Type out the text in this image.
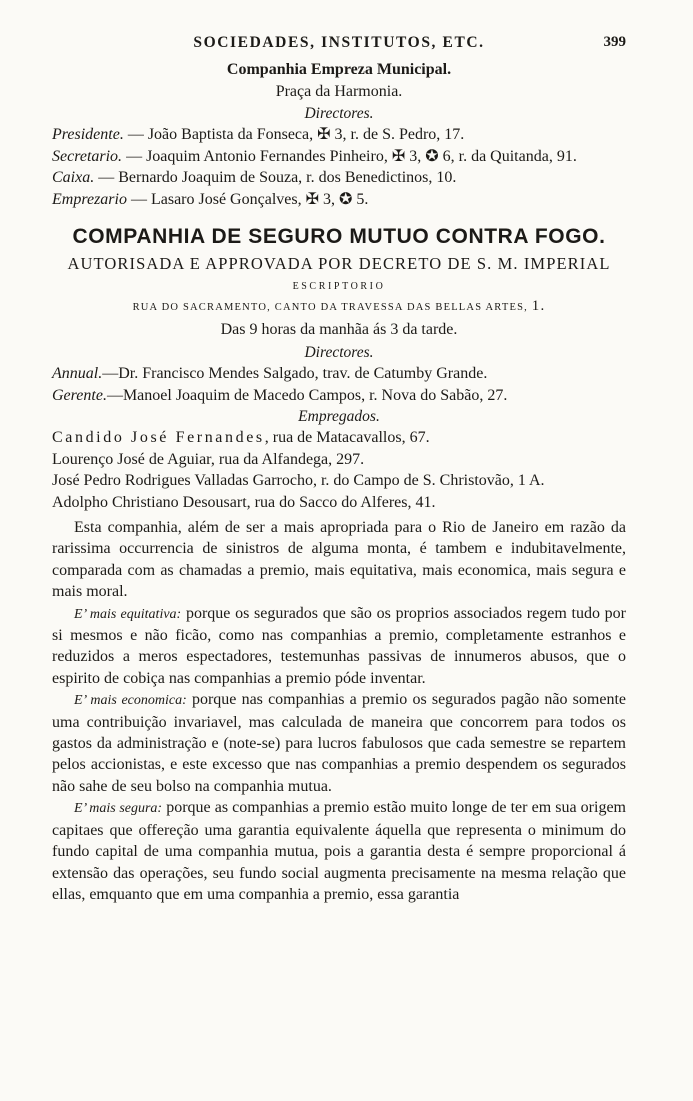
SOCIEDADES, INSTITUTOS, ETC.	399
Companhia Empreza Municipal.
Praça da Harmonia.
Directores.
Presidente. — João Baptista da Fonseca, ✠ 3, r. de S. Pedro, 17.
Secretario. — Joaquim Antonio Fernandes Pinheiro, ✠ 3, ✪ 6, r. da Quitanda, 91.
Caixa. — Bernardo Joaquim de Souza, r. dos Benedictinos, 10.
Emprezario — Lasaro José Gonçalves, ✠ 3, ✪ 5.
COMPANHIA DE SEGURO MUTUO CONTRA FOGO.
AUTORISADA E APPROVADA POR DECRETO DE S. M. IMPERIAL
ESCRIPTORIO
RUA DO SACRAMENTO, CANTO DA TRAVESSA DAS BELLAS ARTES, 1.
Das 9 horas da manhãa ás 3 da tarde.
Directores.
Annual.—Dr. Francisco Mendes Salgado, trav. de Catumby Grande.
Gerente.—Manoel Joaquim de Macedo Campos, r. Nova do Sabão, 27.
Empregados.
Candido José Fernandes, rua de Matacavallos, 67.
Lourenço José de Aguiar, rua da Alfandega, 297.
José Pedro Rodrigues Valladas Garrocho, r. do Campo de S. Christovão, 1 A.
Adolpho Christiano Desousart, rua do Sacco do Alferes, 41.

Esta companhia, além de ser a mais apropriada para o Rio de Janeiro em razão da rarissima occurrencia de sinistros de alguma monta, é tambem e indubitavelmente, comparada com as chamadas a premio, mais equitativa, mais economica, mais segura e mais moral.

E’ mais equitativa: porque os segurados que são os proprios associados regem tudo por si mesmos e não ficão, como nas companhias a premio, completamente estranhos e reduzidos a meros espectadores, testemunhas passivas de innumeros abusos, que o espirito de cobiça nas companhias a premio póde inventar.

E’ mais economica: porque nas companhias a premio os segurados pagão não somente uma contribuição invariavel, mas calculada de maneira que concorrem para todos os gastos da administração e (note-se) para lucros fabulosos que cada semestre se repartem pelos accionistas, e este excesso que nas companhias a premio despendem os segurados não sahe de seu bolso na companhia mutua.

E’ mais segura: porque as companhias a premio estão muito longe de ter em sua origem capitaes que offereção uma garantia equivalente áquella que representa o minimum do fundo capital de uma companhia mutua, pois a garantia desta é sempre proporcional á extensão das operações, seu fundo social augmenta precisamente na mesma relação que ellas, emquanto que em uma companhia a premio, essa garantia
